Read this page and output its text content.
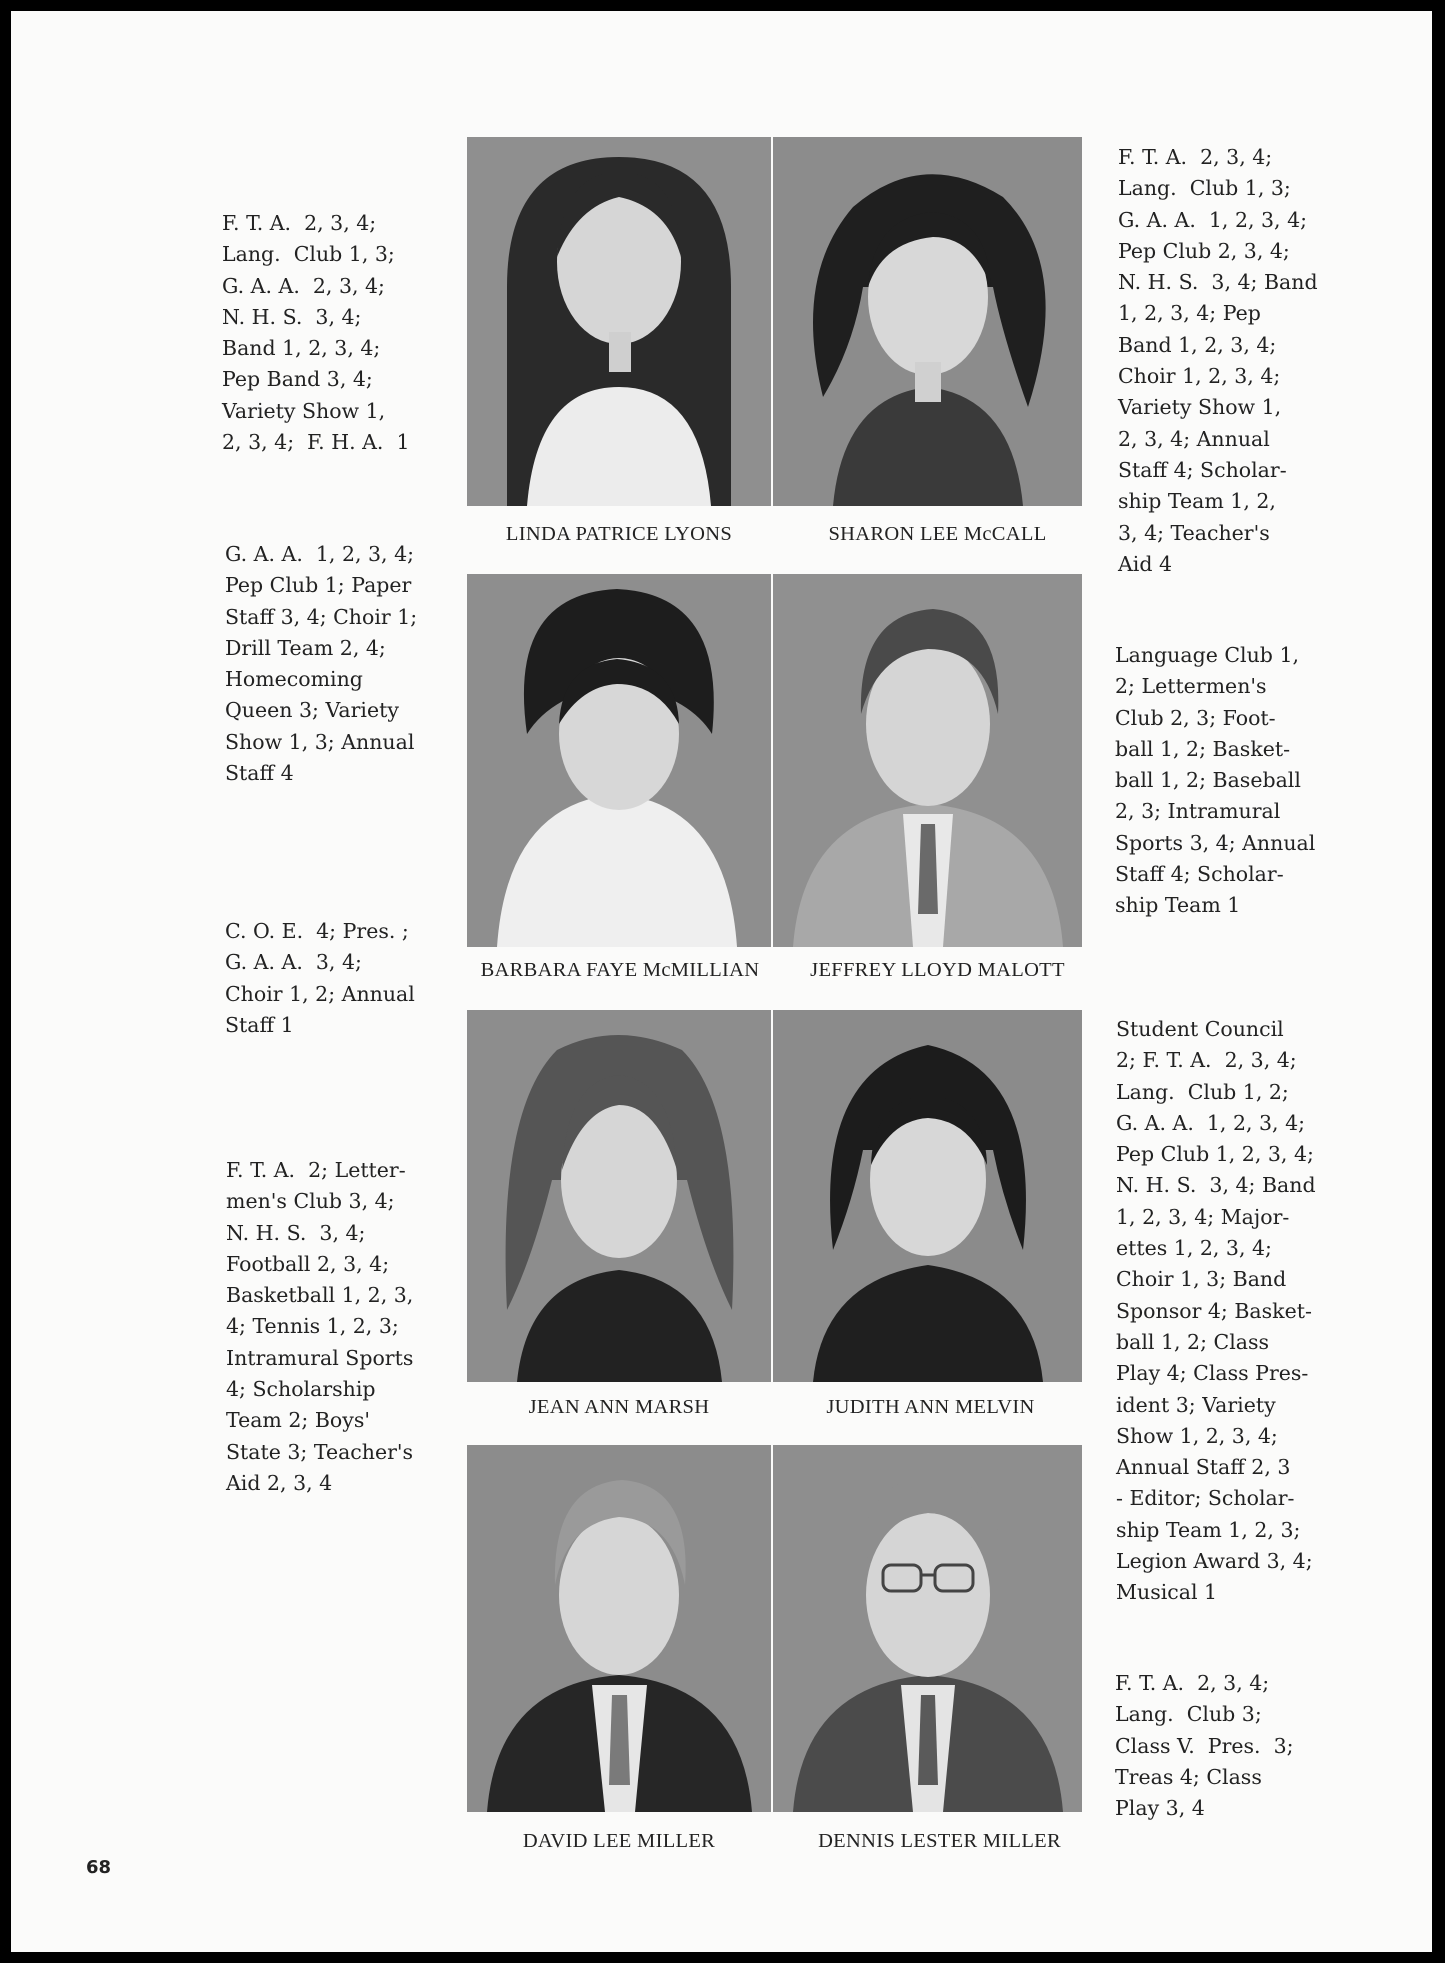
F. T. A.  2, 3, 4;
Lang.  Club 1, 3;
G. A. A.  2, 3, 4;
N. H. S.  3, 4;
Band 1, 2, 3, 4;
Pep Band 3, 4;
Variety Show 1,
2, 3, 4;  F. H. A.  1
G. A. A.  1, 2, 3, 4;
Pep Club 1; Paper
Staff 3, 4; Choir 1;
Drill Team 2, 4;
Homecoming
Queen 3; Variety
Show 1, 3; Annual
Staff 4
C. O. E.  4; Pres. ;
G. A. A.  3, 4;
Choir 1, 2; Annual
Staff 1
F. T. A.  2; Letter-
men's Club 3, 4;
N. H. S.  3, 4;
Football 2, 3, 4;
Basketball 1, 2, 3,
4; Tennis 1, 2, 3;
Intramural Sports
4; Scholarship
Team 2; Boys'
State 3; Teacher's
Aid 2, 3, 4
F. T. A.  2, 3, 4;
Lang.  Club 1, 3;
G. A. A.  1, 2, 3, 4;
Pep Club 2, 3, 4;
N. H. S.  3, 4; Band
1, 2, 3, 4; Pep
Band 1, 2, 3, 4;
Choir 1, 2, 3, 4;
Variety Show 1,
2, 3, 4; Annual
Staff 4; Scholar-
ship Team 1, 2,
3, 4; Teacher's
Aid 4
Language Club 1,
2; Lettermen's
Club 2, 3; Foot-
ball 1, 2; Basket-
ball 1, 2; Baseball
2, 3; Intramural
Sports 3, 4; Annual
Staff 4; Scholar-
ship Team 1
Student Council
2; F. T. A.  2, 3, 4;
Lang.  Club 1, 2;
G. A. A.  1, 2, 3, 4;
Pep Club 1, 2, 3, 4;
N. H. S.  3, 4; Band
1, 2, 3, 4; Major-
ettes 1, 2, 3, 4;
Choir 1, 3; Band
Sponsor 4; Basket-
ball 1, 2; Class
Play 4; Class Pres-
ident 3; Variety
Show 1, 2, 3, 4;
Annual Staff 2, 3
- Editor; Scholar-
ship Team 1, 2, 3;
Legion Award 3, 4;
Musical 1
F. T. A.  2, 3, 4;
Lang.  Club 3;
Class V.  Pres.  3;
Treas 4; Class
Play 3, 4
LINDA PATRICE LYONS	SHARON LEE McCALL
BARBARA FAYE McMILLIAN	JEFFREY LLOYD MALOTT
JEAN ANN MARSH	JUDITH ANN MELVIN
DAVID LEE MILLER	DENNIS LESTER MILLER
68
